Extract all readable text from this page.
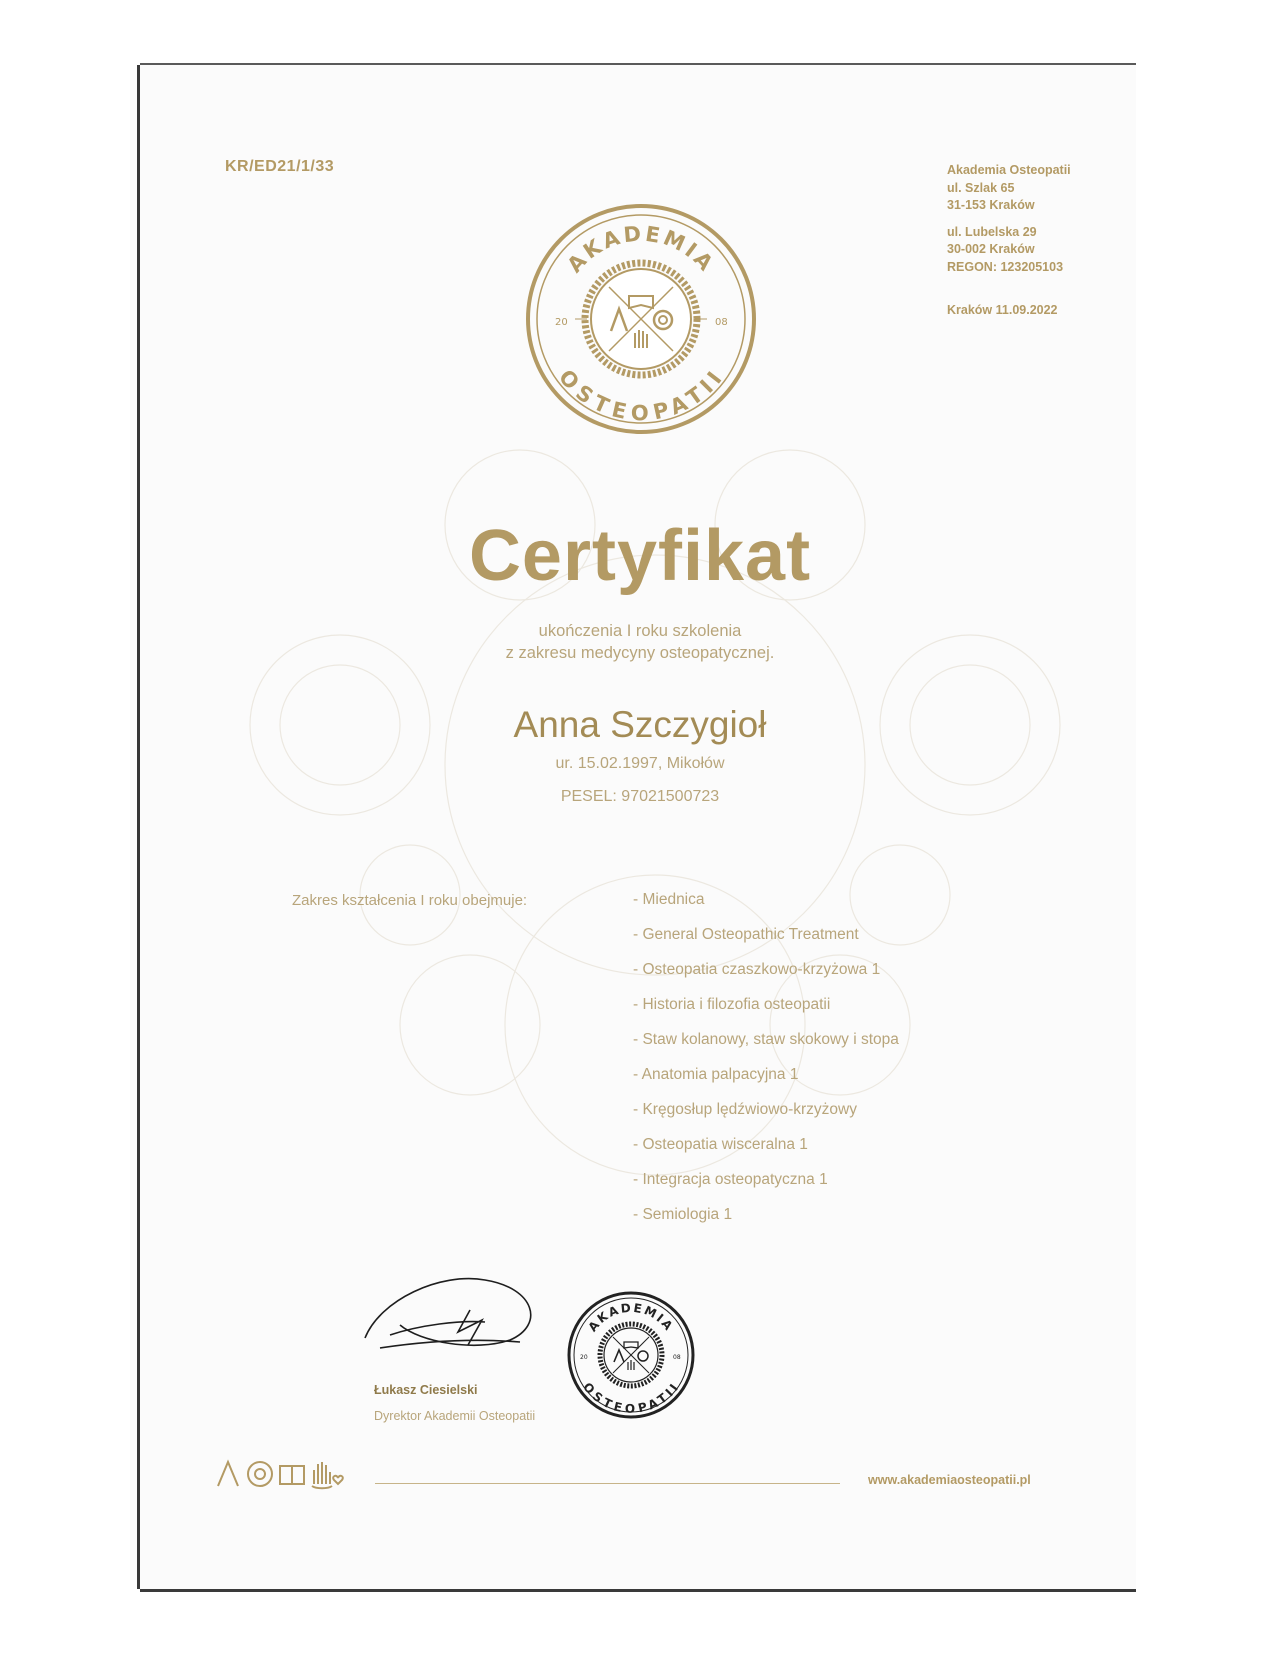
KR/ED21/1/33	Akademia Osteopatii
ul. Szlak 65
31-153 Kraków
ul. Lubelska 29
30-002 Kraków
REGON: 123205103
Kraków 11.09.2022
AKADEMIA
OSTEOPATII
20	08
Certyfikat
ukończenia I roku szkolenia
z zakresu medycyny osteopatycznej.
Anna Szczygioł
ur. 15.02.1997, Mikołów
PESEL: 97021500723
Zakres kształcenia I roku obejmuje:	- Miednica
- General Osteopathic Treatment
- Osteopatia czaszkowo-krzyżowa 1
- Historia i filozofia osteopatii
- Staw kolanowy, staw skokowy i stopa
- Anatomia palpacyjna 1
- Kręgosłup lędźwiowo-krzyżowy
- Osteopatia wisceralna 1
- Integracja osteopatyczna 1
- Semiologia 1
AKADEMIA
OSTEOPATII
20	08
Łukasz Ciesielski
Dyrektor Akademii Osteopatii
www.akademiaosteopatii.pl
